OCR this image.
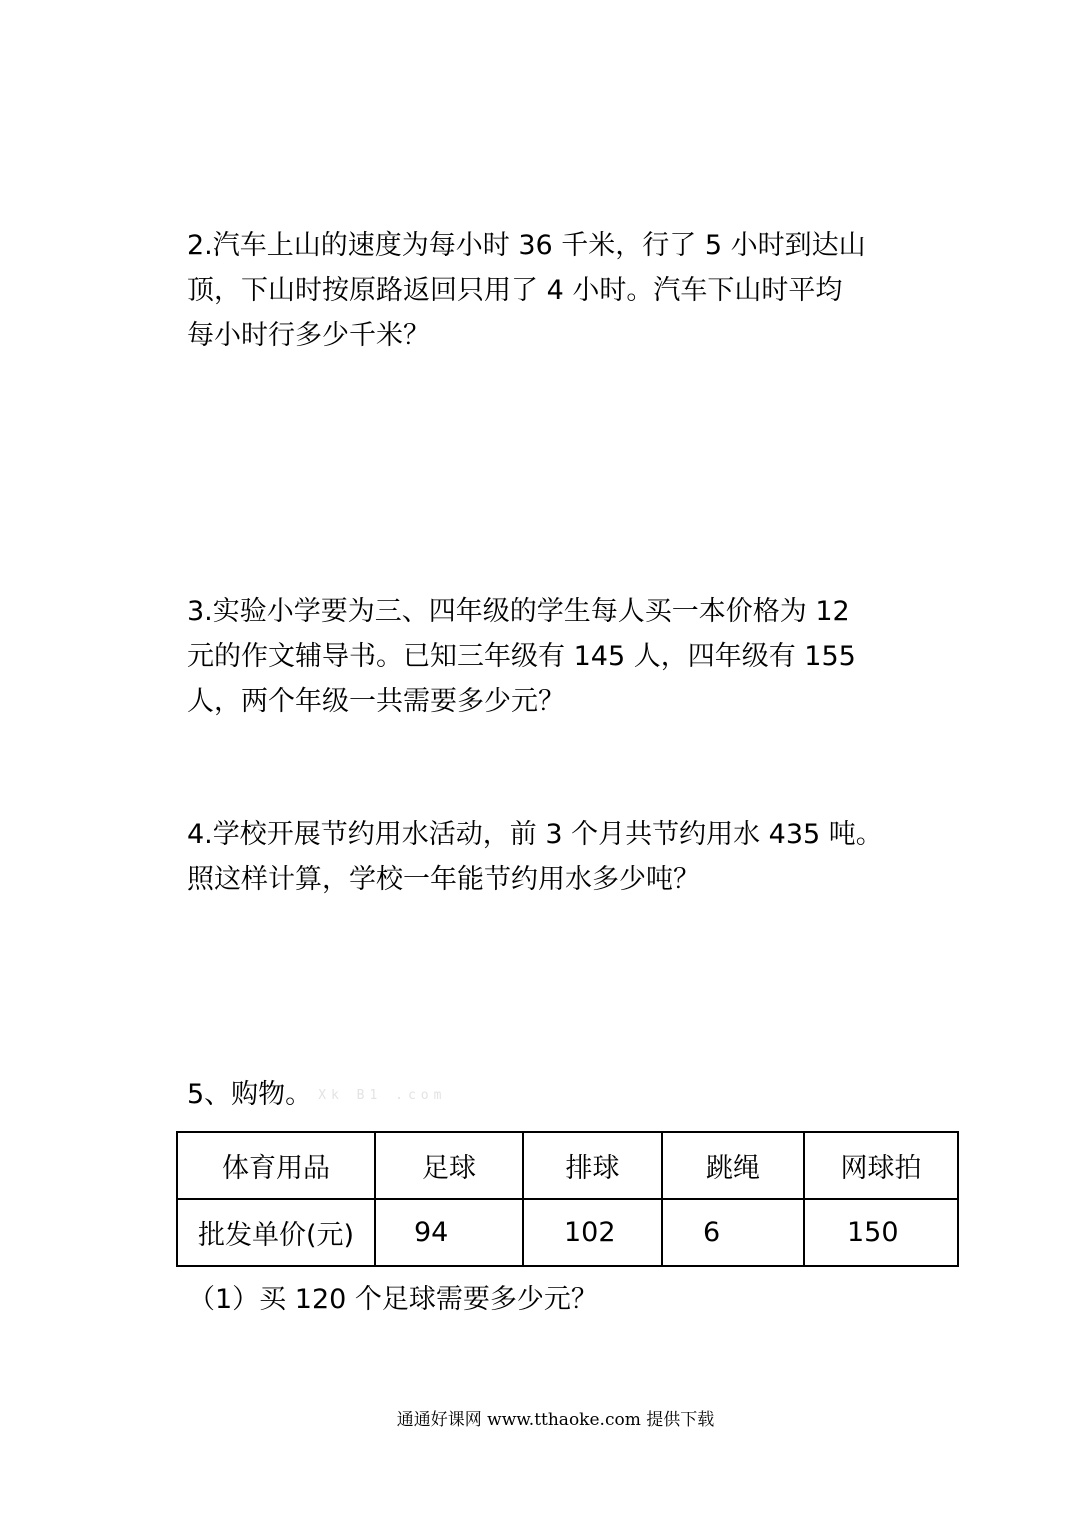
2.汽车上山的速度为每小时 36 千米，行了 5 小时到达山
顶，下山时按原路返回只用了 4 小时。汽车下山时平均
每小时行多少千米？
3.实验小学要为三、四年级的学生每人买一本价格为 12
元的作文辅导书。已知三年级有 145 人，四年级有 155
人，两个年级一共需要多少元？
4.学校开展节约用水活动，前 3 个月共节约用水 435 吨。
照这样计算，学校一年能节约用水多少吨？
5、购物。 Xk B1 .com
体育用品	足球	排球	跳绳	网球拍
批发单价(元)	94	102	6	150
（1）买 120 个足球需要多少元？
通通好课网 www.tthaoke.com 提供下载
